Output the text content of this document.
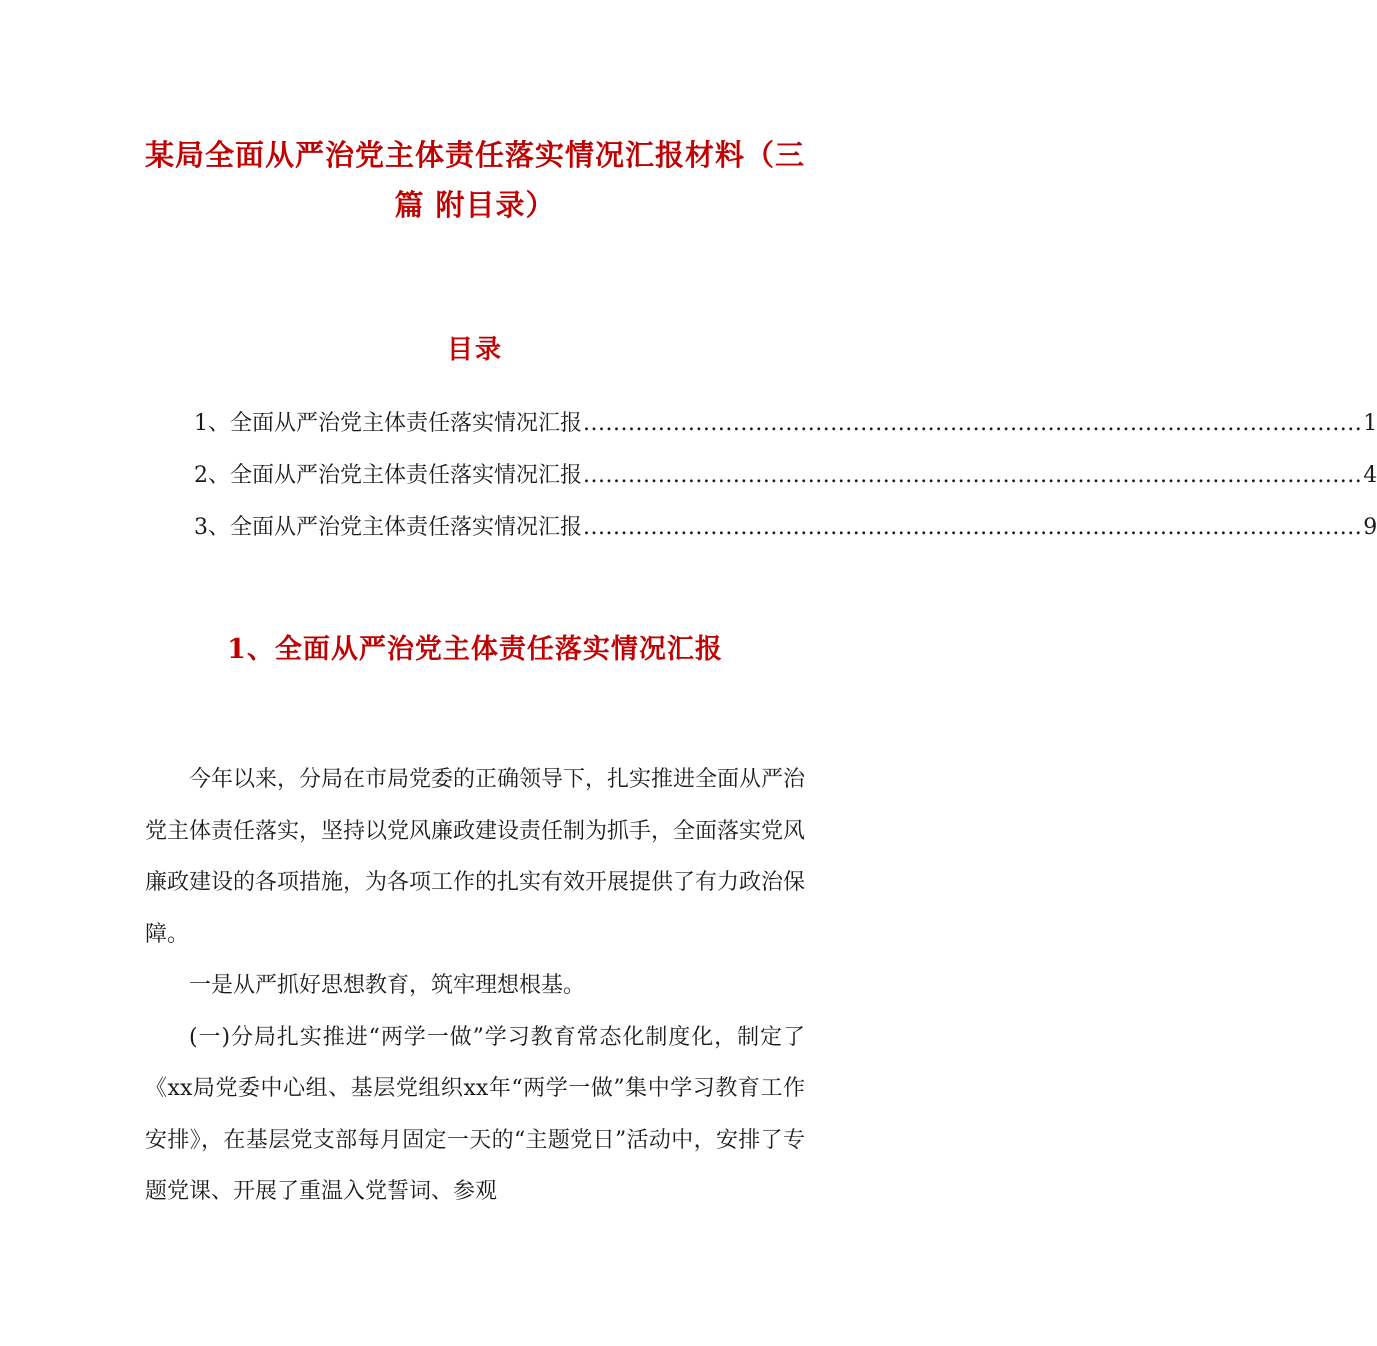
某局全面从严治党主体责任落实情况汇报材料（三篇 附目录）
目录
1、全面从严治党主体责任落实情况汇报 ........................................................................................................ 1
2、全面从严治党主体责任落实情况汇报 ........................................................................................................ 4
3、全面从严治党主体责任落实情况汇报 ........................................................................................................ 9
1、全面从严治党主体责任落实情况汇报

今年以来，分局在市局党委的正确领导下，扎实推进全面从严治党主体责任落实，坚持以党风廉政建设责任制为抓手，全面落实党风廉政建设的各项措施，为各项工作的扎实有效开展提供了有力政治保障。

一是从严抓好思想教育，筑牢理想根基。

(一)分局扎实推进“两学一做”学习教育常态化制度化，制定了《xx局党委中心组、基层党组织xx年“两学一做”集中学习教育工作安排》，在基层党支部每月固定一天的“主题党日”活动中，安排了专题党课、开展了重温入党誓词、参观
